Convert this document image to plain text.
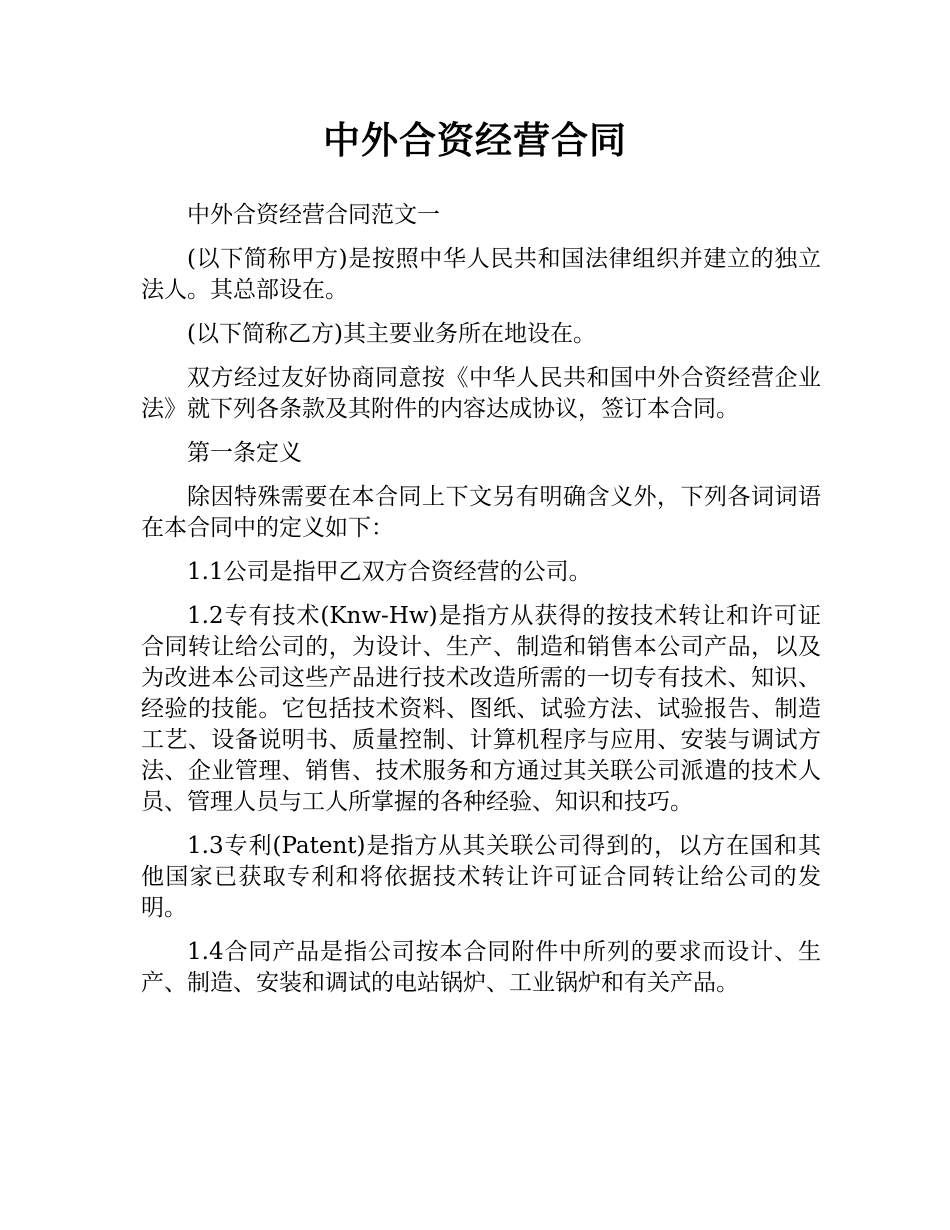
中外合资经营合同

中外合资经营合同范文一

(以下简称甲方)是按照中华人民共和国法律组织并建立的独立法人。其总部设在。

(以下简称乙方)其主要业务所在地设在。

双方经过友好协商同意按《中华人民共和国中外合资经营企业法》就下列各条款及其附件的内容达成协议，签订本合同。

第一条定义

除因特殊需要在本合同上下文另有明确含义外，下列各词词语在本合同中的定义如下：

1.1公司是指甲乙双方合资经营的公司。

1.2专有技术(Knw-Hw)是指方从获得的按技术转让和许可证合同转让给公司的，为设计、生产、制造和销售本公司产品，以及为改进本公司这些产品进行技术改造所需的一切专有技术、知识、经验的技能。它包括技术资料、图纸、试验方法、试验报告、制造工艺、设备说明书、质量控制、计算机程序与应用、安装与调试方法、企业管理、销售、技术服务和方通过其关联公司派遣的技术人员、管理人员与工人所掌握的各种经验、知识和技巧。

1.3专利(Patent)是指方从其关联公司得到的，以方在国和其他国家已获取专利和将依据技术转让许可证合同转让给公司的发明。

1.4合同产品是指公司按本合同附件中所列的要求而设计、生产、制造、安装和调试的电站锅炉、工业锅炉和有关产品。
